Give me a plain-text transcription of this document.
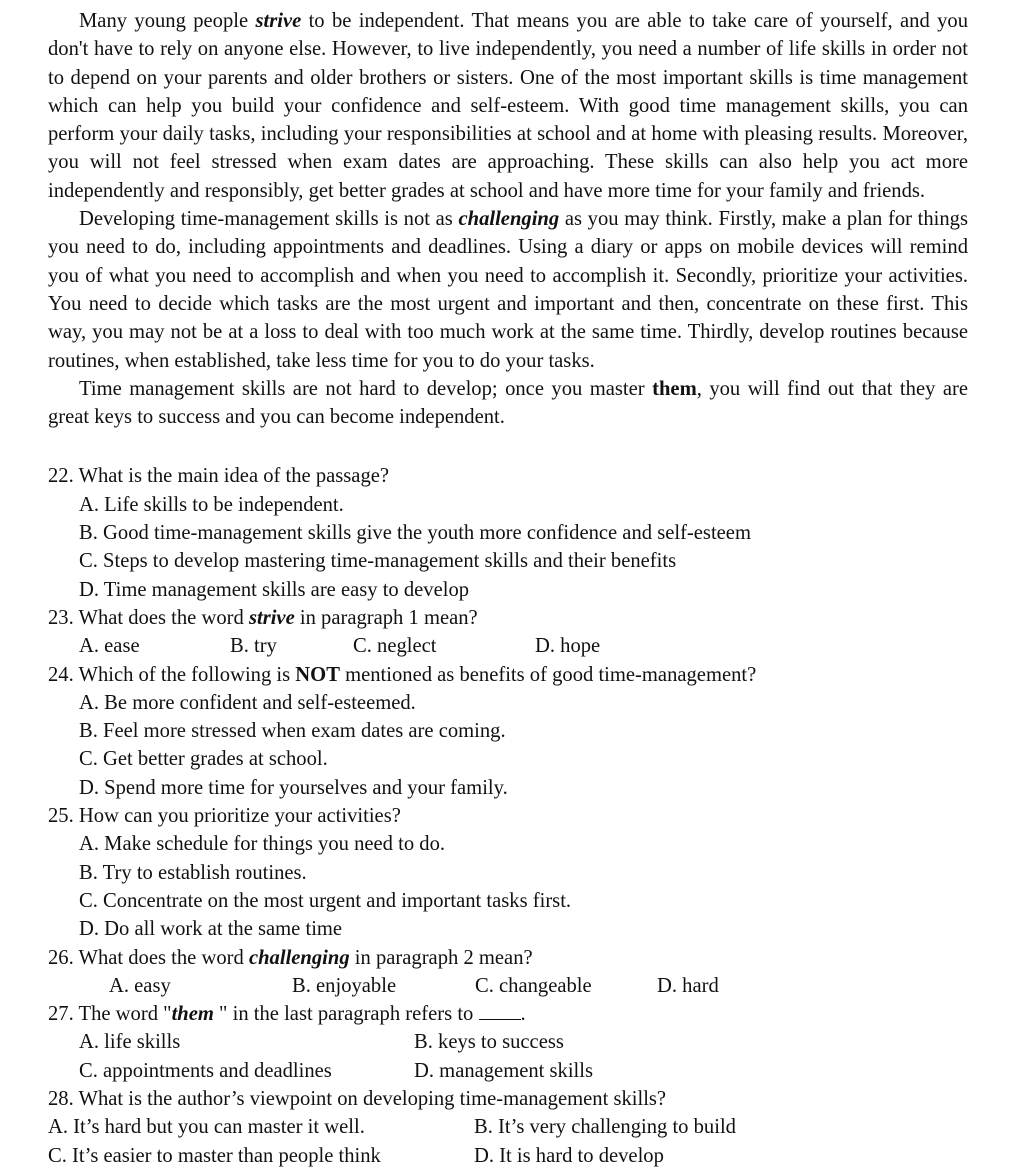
Many young people strive to be independent. That means you are able to take care of yourself, and you don't have to rely on anyone else. However, to live independently, you need a number of life skills in order not to depend on your parents and older brothers or sisters. One of the most important skills is time management which can help you build your confidence and self-esteem. With good time management skills, you can perform your daily tasks, including your responsibilities at school and at home with pleasing results. Moreover, you will not feel stressed when exam dates are approaching. These skills can also help you act more independently and responsibly, get better grades at school and have more time for your family and friends.

Developing time-management skills is not as challenging as you may think. Firstly, make a plan for things you need to do, including appointments and deadlines. Using a diary or apps on mobile devices will remind you of what you need to accomplish and when you need to accomplish it. Secondly, prioritize your activities. You need to decide which tasks are the most urgent and important and then, concentrate on these first. This way, you may not be at a loss to deal with too much work at the same time. Thirdly, develop routines because routines, when established, take less time for you to do your tasks.

Time management skills are not hard to develop; once you master them, you will find out that they are great keys to success and you can become independent.

22. What is the main idea of the passage?
A. Life skills to be independent.
B. Good time-management skills give the youth more confidence and self-esteem
C. Steps to develop mastering time-management skills and their benefits
D. Time management skills are easy to develop
23. What does the word strive in paragraph 1 mean?
A. ease	B. try	C. neglect	D. hope
24. Which of the following is NOT mentioned as benefits of good time-management?
A. Be more confident and self-esteemed.
B. Feel more stressed when exam dates are coming.
C. Get better grades at school.
D. Spend more time for yourselves and your family.
25. How can you prioritize your activities?
A. Make schedule for things you need to do.
B. Try to establish routines.
C. Concentrate on the most urgent and important tasks first.
D. Do all work at the same time
26. What does the word challenging in paragraph 2 mean?
A. easy	B. enjoyable	C. changeable	D. hard
27. The word "them " in the last paragraph refers to .
A. life skills	B. keys to success
C. appointments and deadlines	D. management skills
28. What is the author’s viewpoint on developing time-management skills?
A. It’s hard but you can master it well.	B. It’s very challenging to build
C. It’s easier to master than people think	D. It is hard to develop
